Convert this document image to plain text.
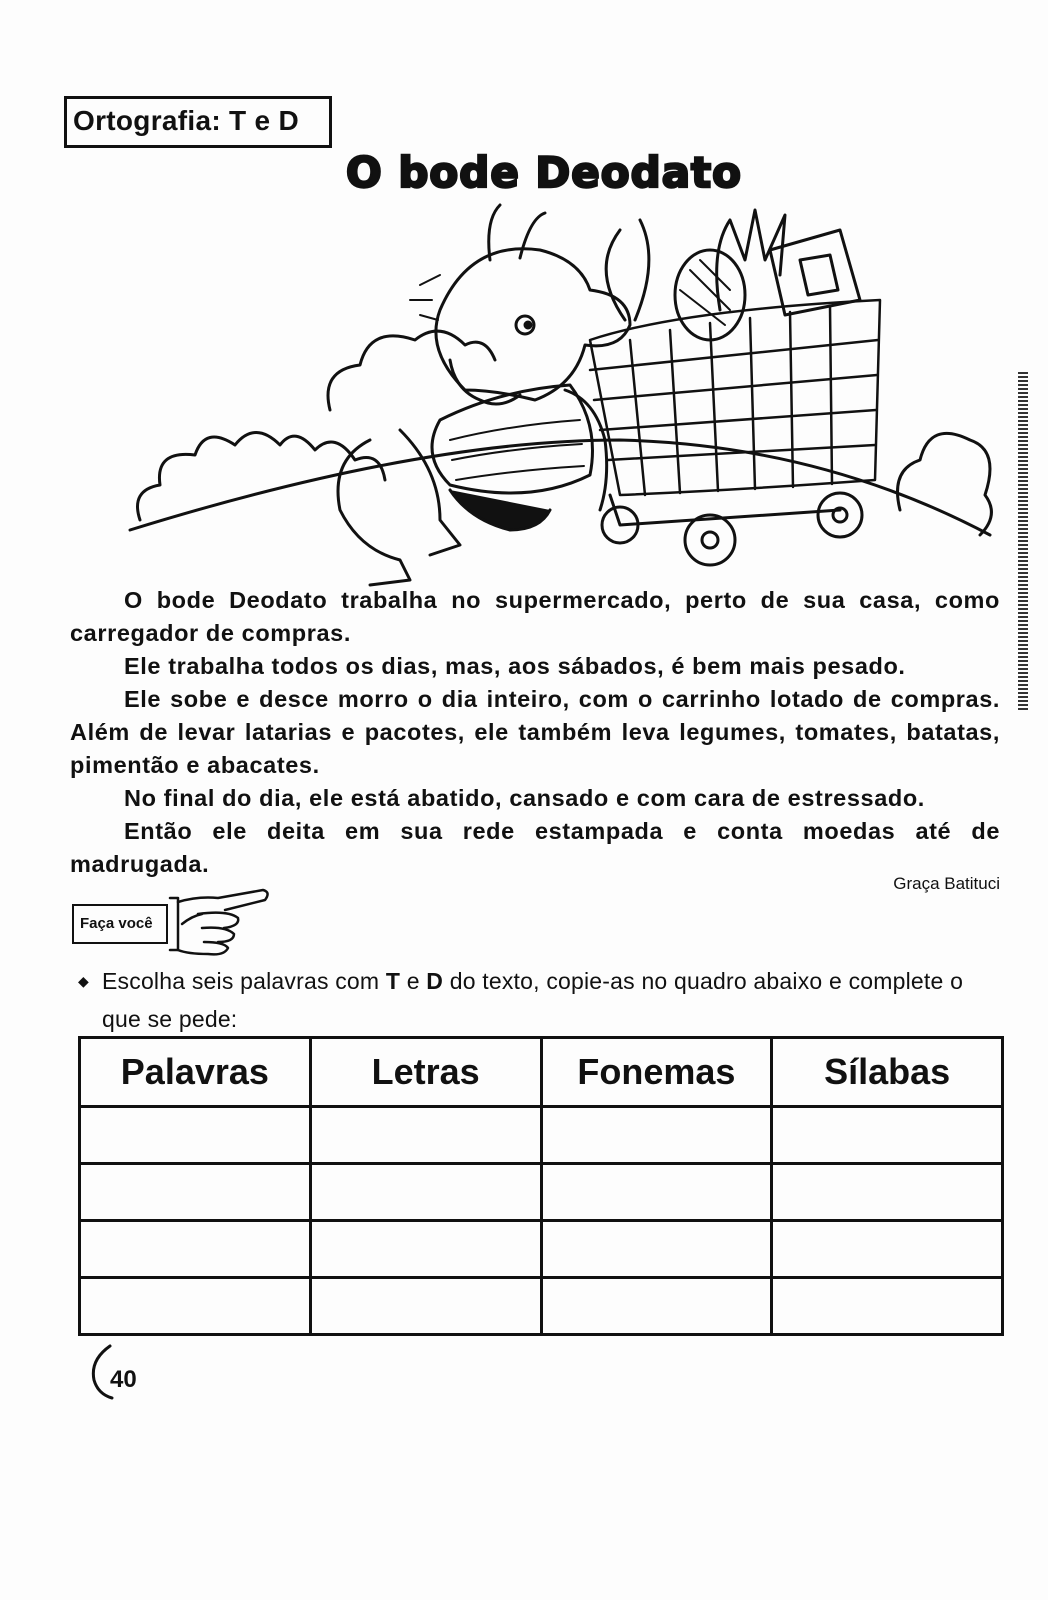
Ortografia: T e D
O bode Deodato

O bode Deodato trabalha no supermercado, perto de sua casa, como carregador de compras.

Ele trabalha todos os dias, mas, aos sábados, é bem mais pesado.

Ele sobe e desce morro o dia inteiro, com o carrinho lotado de compras. Além de levar latarias e pacotes, ele também leva legumes, tomates, batatas, pimentão e abacates.

No final do dia, ele está abatido, cansado e com cara de estressado.

Então ele deita em sua rede estampada e conta moedas até de madrugada.

Graça Batituci
Faça você
◆ Escolha seis palavras com T e D do texto, copie-as no quadro abaixo e complete o que se pede:
Palavras	Letras	Fonemas	Sílabas

40
